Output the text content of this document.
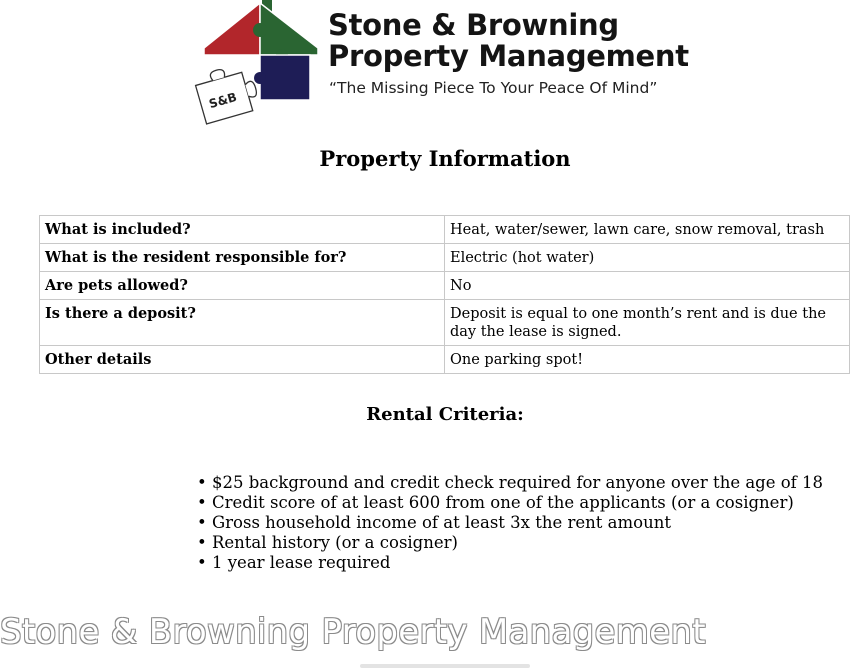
S&B
Stone & Browning
Property Management
“The Missing Piece To Your Peace Of Mind”
Property Information
What is included?	Heat, water/sewer, lawn care, snow removal, trash
What is the resident responsible for?	Electric (hot water)
Are pets allowed?	No
Is there a deposit?	Deposit is equal to one month’s rent and is due the day the lease is signed.
Other details	One parking spot!
Rental Criteria:
• $25 background and credit check required for anyone over the age of 18
• Credit score of at least 600 from one of the applicants (or a cosigner)
• Gross household income of at least 3x the rent amount
• Rental history (or a cosigner)
• 1 year lease required
Stone & Browning Property Management
